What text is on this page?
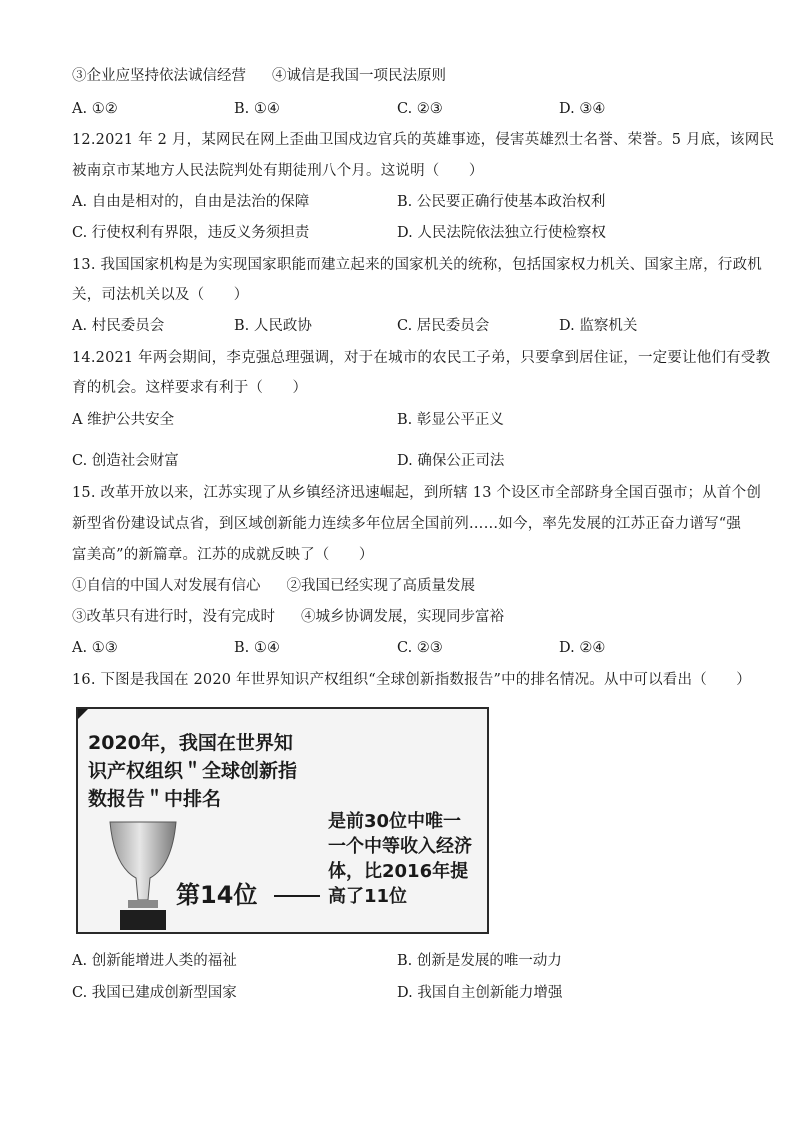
③企业应坚持依法诚信经营 ④诚信是我国一项民法原则
A. ①②	B. ①④	C. ②③	D. ③④
12.2021 年 2 月，某网民在网上歪曲卫国戍边官兵的英雄事迹，侵害英雄烈士名誉、荣誉。5 月底，该网民
被南京市某地方人民法院判处有期徒刑八个月。这说明（　　）
A. 自由是相对的，自由是法治的保障	B. 公民要正确行使基本政治权利
C. 行使权利有界限，违反义务须担责	D. 人民法院依法独立行使检察权
13. 我国国家机构是为实现国家职能而建立起来的国家机关的统称，包括国家权力机关、国家主席，行政机
关，司法机关以及（　　）
A. 村民委员会	B. 人民政协	C. 居民委员会	D. 监察机关
14.2021 年两会期间，李克强总理强调，对于在城市的农民工子弟，只要拿到居住证，一定要让他们有受教
育的机会。这样要求有利于（　　）
A 维护公共安全	B. 彰显公平正义
C. 创造社会财富	D. 确保公正司法
15. 改革开放以来，江苏实现了从乡镇经济迅速崛起，到所辖 13 个设区市全部跻身全国百强市；从首个创
新型省份建设试点省，到区域创新能力连续多年位居全国前列……如今，率先发展的江苏正奋力谱写“强
富美高”的新篇章。江苏的成就反映了（　　）
①自信的中国人对发展有信心 ②我国已经实现了高质量发展
③改革只有进行时，没有完成时 ④城乡协调发展，实现同步富裕
A. ①③	B. ①④	C. ②③	D. ②④
16. 下图是我国在 2020 年世界知识产权组织“全球创新指数报告”中的排名情况。从中可以看出（　　）
2020年，我国在世界知识产权组织＂全球创新指数报告＂中排名
第14位
是前30位中唯一一个中等收入经济体，比2016年提高了11位
A. 创新能增进人类的福祉	B. 创新是发展的唯一动力
C. 我国已建成创新型国家	D. 我国自主创新能力增强
